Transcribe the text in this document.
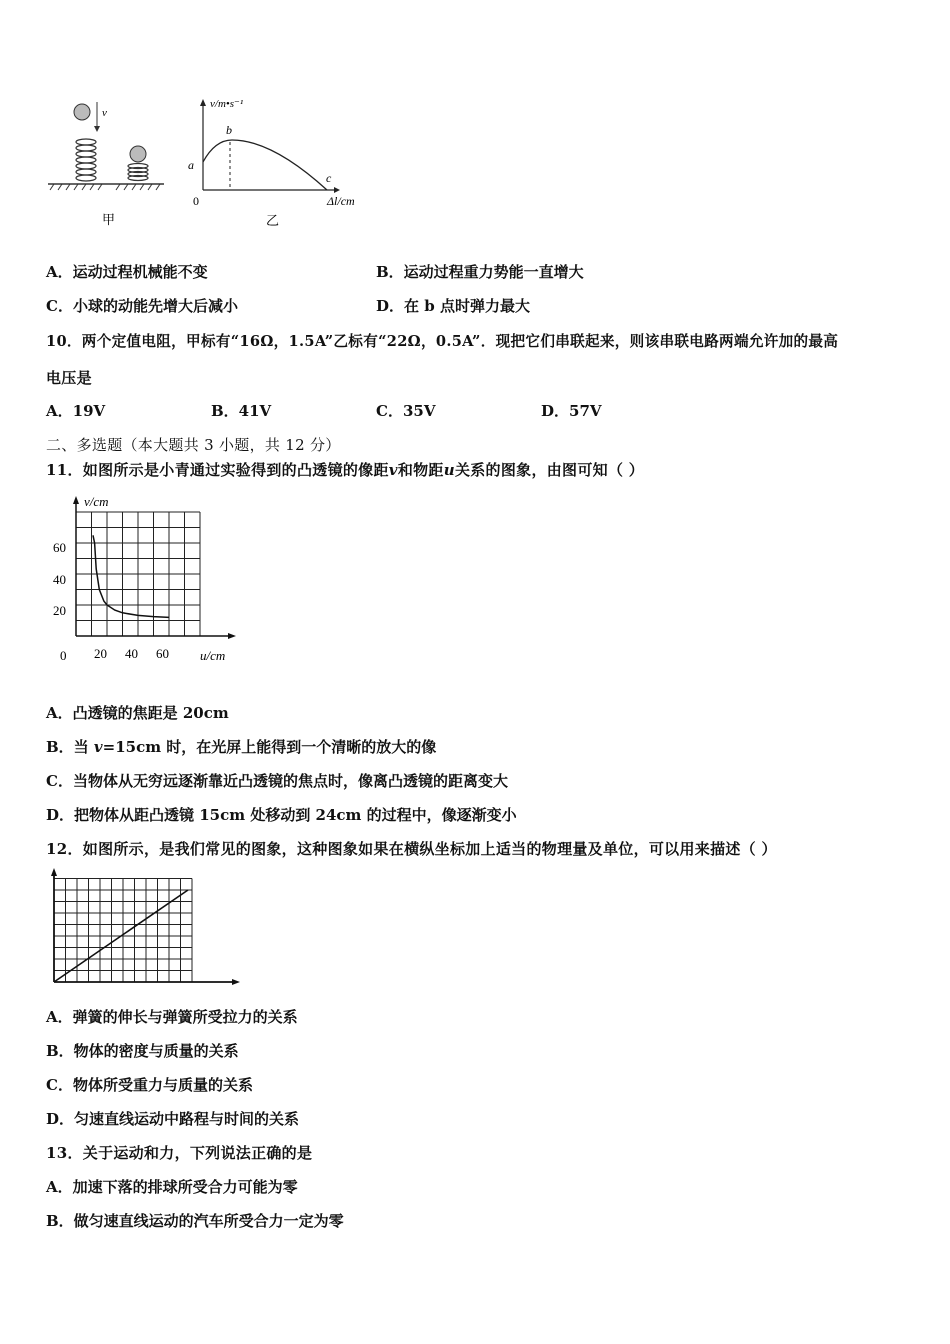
v
甲
v/m•s⁻¹
b
a
c
0	Δl/cm
乙
A．运动过程机械能不变	B．运动过程重力势能一直增大
C．小球的动能先增大后减小	D．在 b 点时弹力最大
10．两个定值电阻，甲标有“16Ω，1.5A”乙标有“22Ω，0.5A”．现把它们串联起来，则该串联电路两端允许加的最高
电压是
A．19V	B．41V	C．35V	D．57V
二、多选题（本大题共 3 小题，共 12 分）
11．如图所示是小青通过实验得到的凸透镜的像距v和物距u关系的图象，由图可知（ ）
v/cm
u/cm
0
60
40
20
20 40 60
A．凸透镜的焦距是 20cm
B．当 v=15cm 时，在光屏上能得到一个清晰的放大的像
C．当物体从无穷远逐渐靠近凸透镜的焦点时，像离凸透镜的距离变大
D．把物体从距凸透镜 15cm 处移动到 24cm 的过程中，像逐渐变小
12．如图所示，是我们常见的图象，这种图象如果在横纵坐标加上适当的物理量及单位，可以用来描述（ ）
A．弹簧的伸长与弹簧所受拉力的关系
B．物体的密度与质量的关系
C．物体所受重力与质量的关系
D．匀速直线运动中路程与时间的关系
13．关于运动和力，下列说法正确的是
A．加速下落的排球所受合力可能为零
B．做匀速直线运动的汽车所受合力一定为零
